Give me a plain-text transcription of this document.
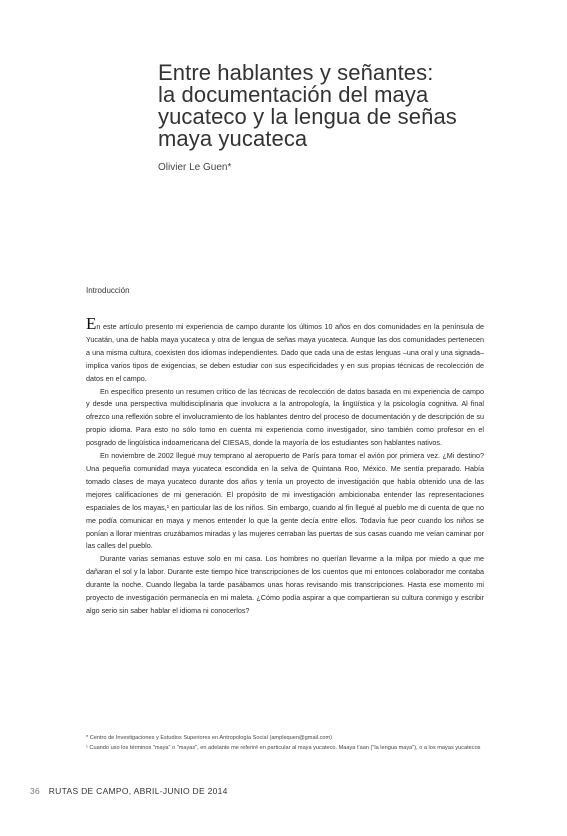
Entre hablantes y señantes:
la documentación del maya
yucateco y la lengua de señas
maya yucateca
Olivier Le Guen*
Introducción

En este artículo presento mi experiencia de campo durante los últimos 10 años en dos comunidades en la península de Yucatán, una de habla maya yucateca y otra de lengua de señas maya yucateca. Aunque las dos comunidades pertenecen a una misma cultura, coexisten dos idiomas independientes. Dado que cada una de estas lenguas –una oral y una signada– implica varios tipos de exigencias, se deben estudiar con sus especificidades y en sus propias técnicas de recolección de datos en el campo.

En específico presento un resumen crítico de las técnicas de recolección de datos basada en mi experiencia de campo y desde una perspectiva multidisciplinaria que involucra a la antropología, la lingüística y la psicología cognitiva. Al final ofrezco una reflexión sobre el involucramiento de los hablantes dentro del proceso de documentación y de descripción de su propio idioma. Para esto no sólo tomo en cuenta mi experiencia como investigador, sino también como profesor en el posgrado de lingüística indoamericana del CIESAS, donde la mayoría de los estudiantes son hablantes nativos.

En noviembre de 2002 llegué muy temprano al aeropuerto de París para tomar el avión por primera vez. ¿Mi destino? Una pequeña comunidad maya yucateca escondida en la selva de Quintana Roo, México. Me sentía preparado. Había tomado clases de maya yucateco durante dos años y tenía un proyecto de investigación que había obtenido una de las mejores calificaciones de mi generación. El propósito de mi investigación ambicionaba entender las representaciones espaciales de los mayas,¹ en particular las de los niños. Sin embargo, cuando al fin llegué al pueblo me di cuenta de que no me podía comunicar en maya y menos entender lo que la gente decía entre ellos. Todavía fue peor cuando los niños se ponían a llorar mientras cruzábamos miradas y las mujeres cerraban las puertas de sus casas cuando me veían caminar por las calles del pueblo.

Durante varias semanas estuve solo en mi casa. Los hombres no querían llevarme a la milpa por miedo a que me dañaran el sol y la labor. Durante este tiempo hice transcripciones de los cuentos que mi entonces colaborador me contaba durante la noche. Cuando llegaba la tarde pasábamos unas horas revisando mis transcripciones. Hasta ese momento mi proyecto de investigación permanecía en mi maleta. ¿Cómo podía aspirar a que compartieran su cultura conmigo y escribir algo serio sin saber hablar el idioma ni conocerlos?

* Centro de Investigaciones y Estudios Superiores en Antropología Social (amplequen@gmail.com)

¹ Cuando uso los términos "maya" o "mayas", en adelante me referiré en particular al maya yucateco. Maaya t'aan ("la lengua maya"), o a los mayas yucatecos

36 RUTAS DE CAMPO, ABRIL-JUNIO DE 2014
